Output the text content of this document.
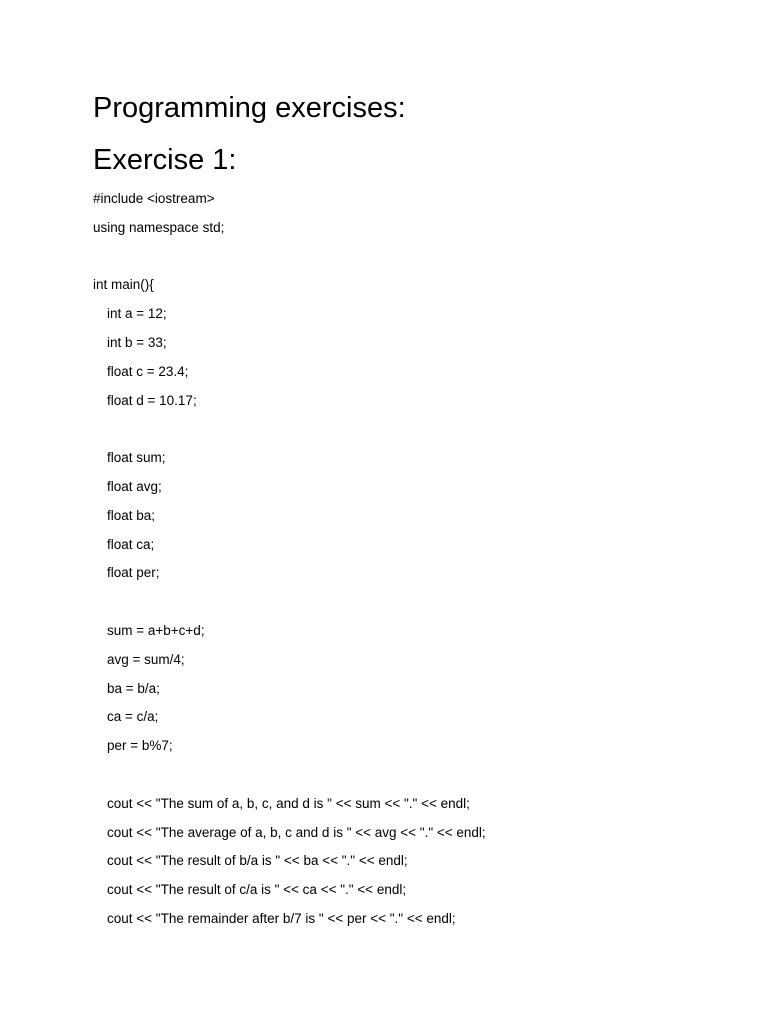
Programming exercises:
Exercise 1:
#include <iostream>
using namespace std;
int main(){
int a = 12;
int b = 33;
float c = 23.4;
float d = 10.17;
float sum;
float avg;
float ba;
float ca;
float per;
sum = a+b+c+d;
avg = sum/4;
ba = b/a;
ca = c/a;
per = b%7;
cout << "The sum of a, b, c, and d is " << sum << "." << endl;
cout << "The average of a, b, c and d is " << avg << "." << endl;
cout << "The result of b/a is " << ba << "." << endl;
cout << "The result of c/a is " << ca << "." << endl;
cout << "The remainder after b/7 is " << per << "." << endl;
